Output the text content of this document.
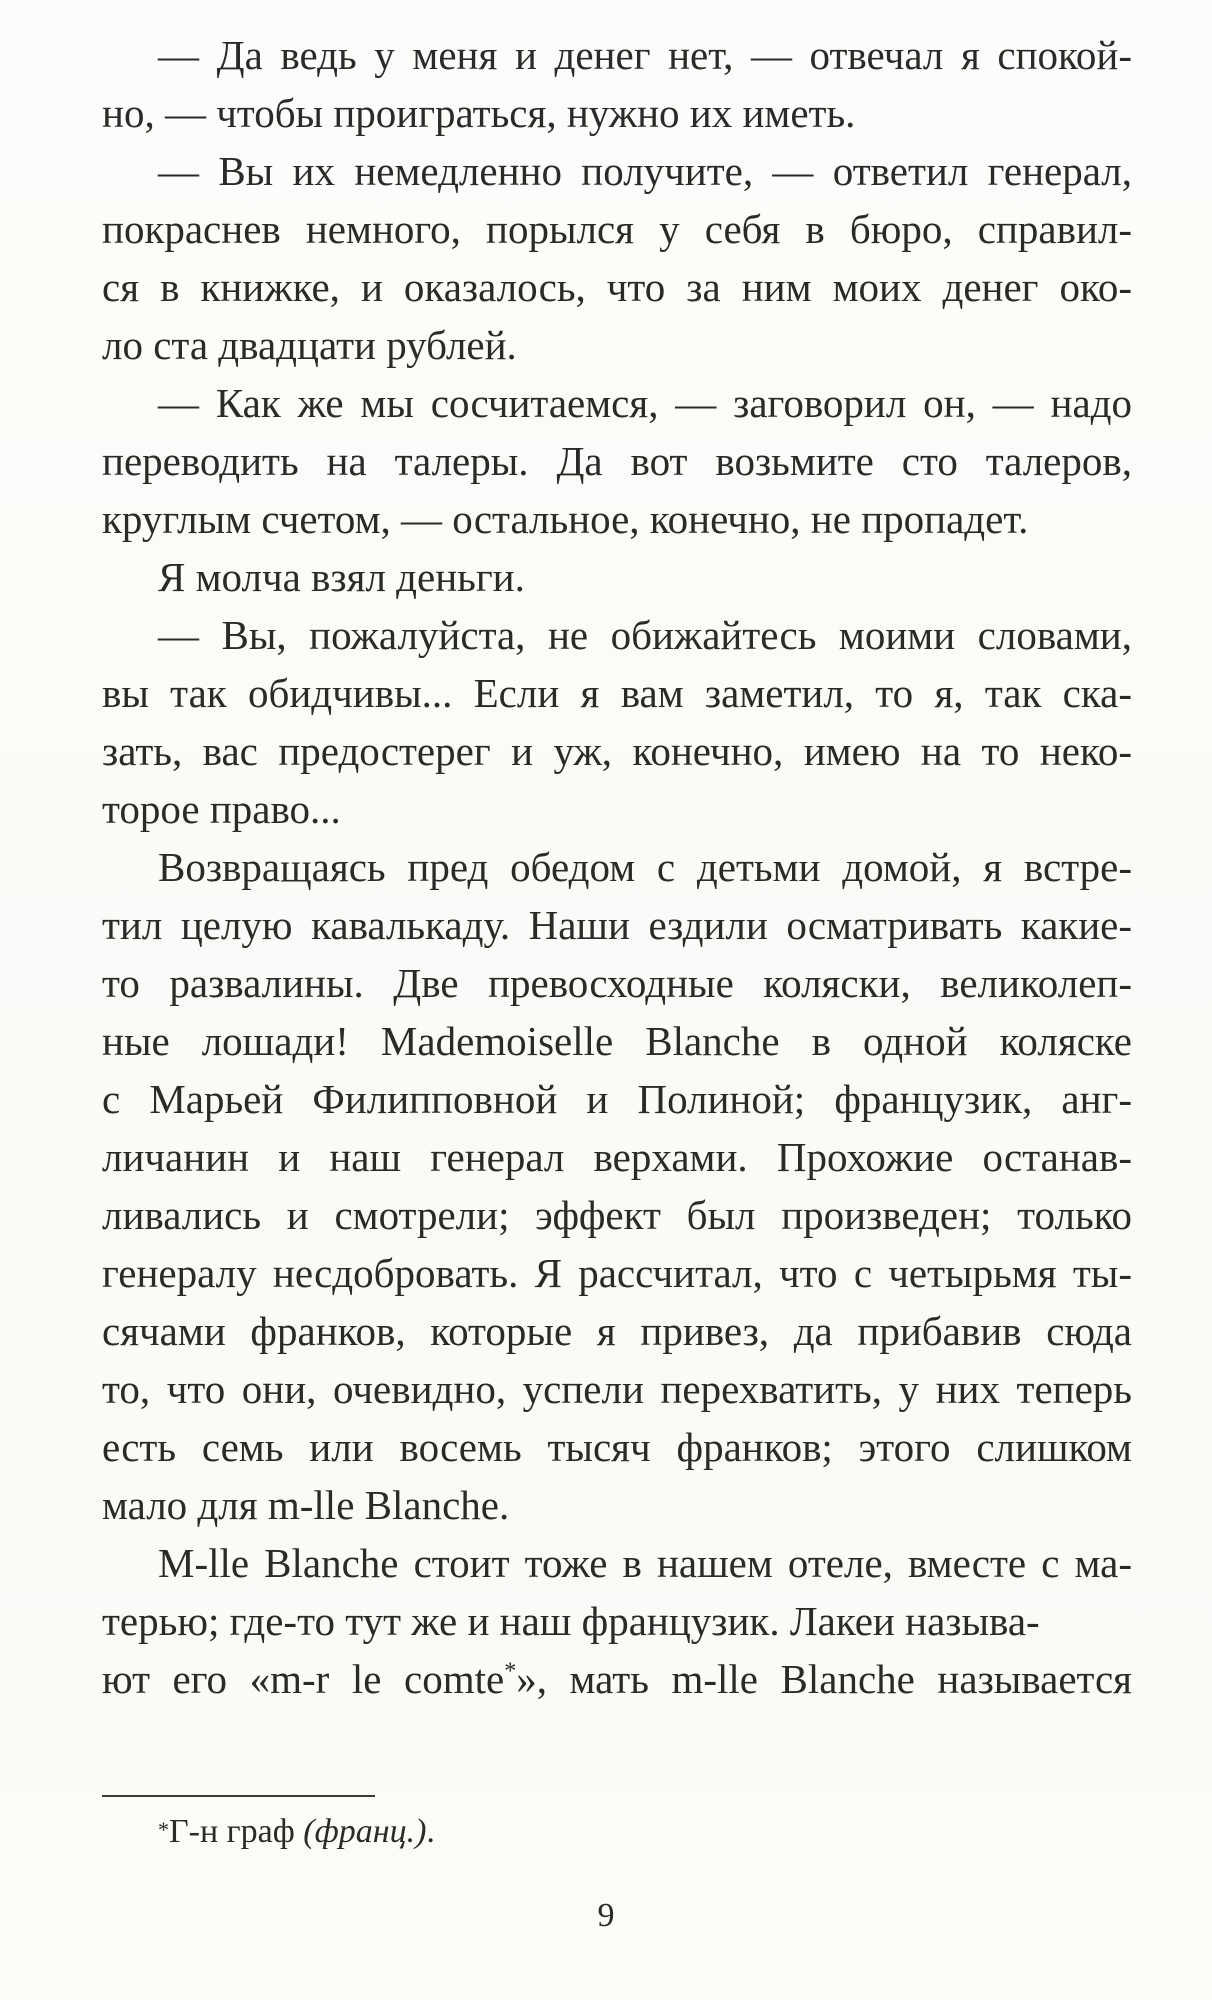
— Да ведь у меня и денег нет, — отвечал я спокой-

но, — чтобы проиграться, нужно их иметь.

— Вы их немедленно получите, — ответил генерал,

покраснев немного, порылся у себя в бюро, справил-

ся в книжке, и оказалось, что за ним моих денег око-

ло ста двадцати рублей.

— Как же мы сосчитаемся, — заговорил он, — надо

переводить на талеры. Да вот возьмите сто талеров,

круглым счетом, — остальное, конечно, не пропадет.

Я молча взял деньги.

— Вы, пожалуйста, не обижайтесь моими словами,

вы так обидчивы... Если я вам заметил, то я, так ска-

зать, вас предостерег и уж, конечно, имею на то неко-

торое право...

Возвращаясь пред обедом с детьми домой, я встре-

тил целую кавалькаду. Наши ездили осматривать какие-

то развалины. Две превосходные коляски, великолеп-

ные лошади! Mademoiselle Blanche в одной коляске

с Марьей Филипповной и Полиной; французик, анг-

личанин и наш генерал верхами. Прохожие останав-

ливались и смотрели; эффект был произведен; только

генералу несдобровать. Я рассчитал, что с четырьмя ты-

сячами франков, которые я привез, да прибавив сюда

то, что они, очевидно, успели перехватить, у них теперь

есть семь или восемь тысяч франков; этого слишком

мало для m-lle Blanche.

M-lle Blanche стоит тоже в нашем отеле, вместе с ма-

терью; где-то тут же и наш французик. Лакеи называ-

ют его «m-r le comte*», мать m-lle Blanche называется

*Г-н граф (франц.).
9
